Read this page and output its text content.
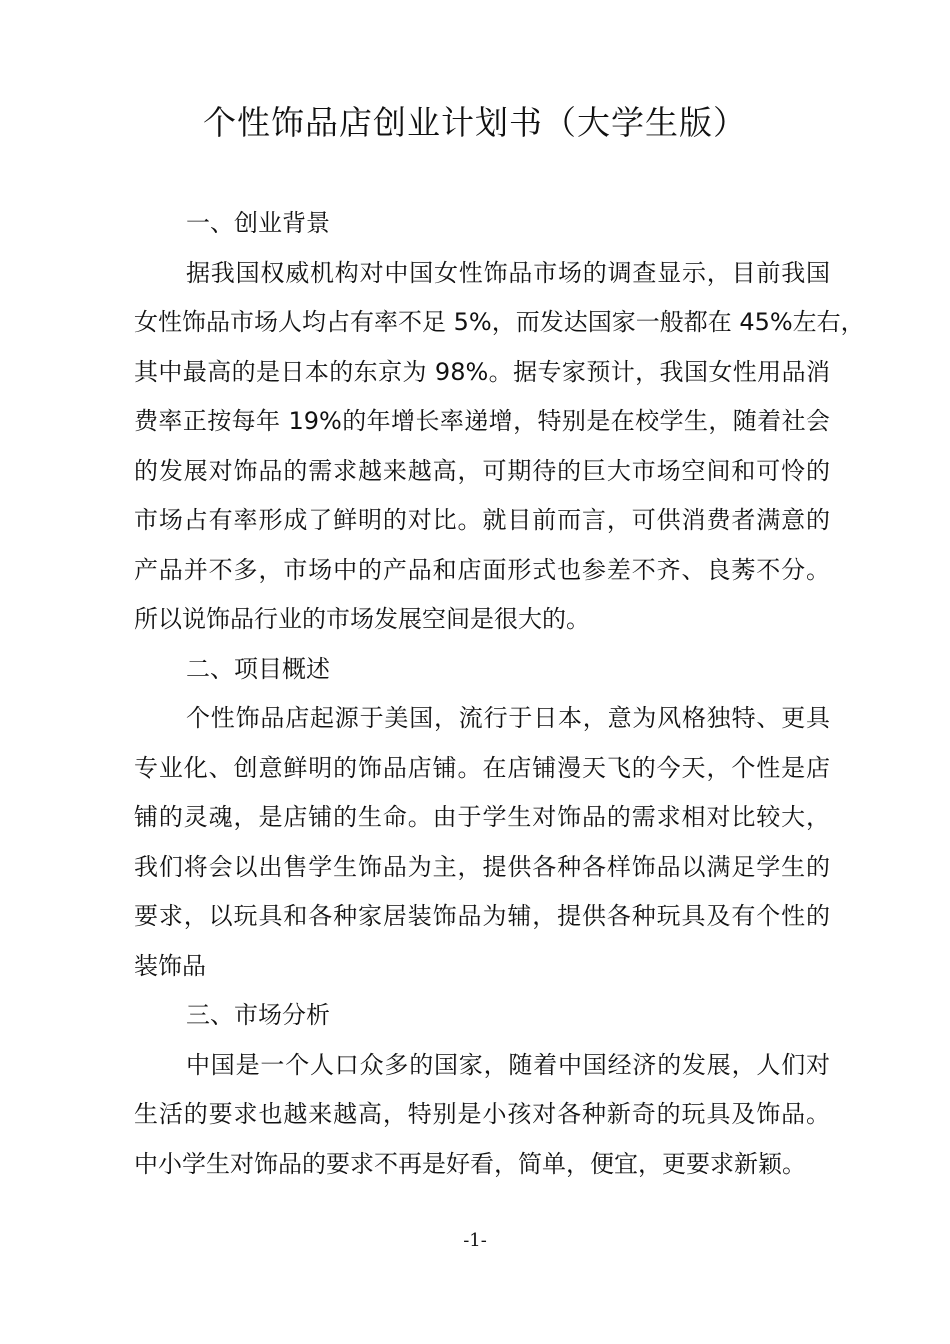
个性饰品店创业计划书（大学生版）
一、创业背景

据我国权威机构对中国女性饰品市场的调查显示，目前我国
女性饰品市场人均占有率不足 5%，而发达国家一般都在 45%左右，
其中最高的是日本的东京为 98%。据专家预计，我国女性用品消
费率正按每年 19%的年增长率递增，特别是在校学生，随着社会
的发展对饰品的需求越来越高，可期待的巨大市场空间和可怜的
市场占有率形成了鲜明的对比。就目前而言，可供消费者满意的
产品并不多，市场中的产品和店面形式也参差不齐、良莠不分。
所以说饰品行业的市场发展空间是很大的。

二、项目概述

个性饰品店起源于美国，流行于日本，意为风格独特、更具
专业化、创意鲜明的饰品店铺。在店铺漫天飞的今天，个性是店
铺的灵魂，是店铺的生命。由于学生对饰品的需求相对比较大，
我们将会以出售学生饰品为主，提供各种各样饰品以满足学生的
要求，以玩具和各种家居装饰品为辅，提供各种玩具及有个性的
装饰品

三、市场分析

中国是一个人口众多的国家，随着中国经济的发展，人们对
生活的要求也越来越高，特别是小孩对各种新奇的玩具及饰品。
中小学生对饰品的要求不再是好看，简单，便宜，更要求新颖。

-1-
